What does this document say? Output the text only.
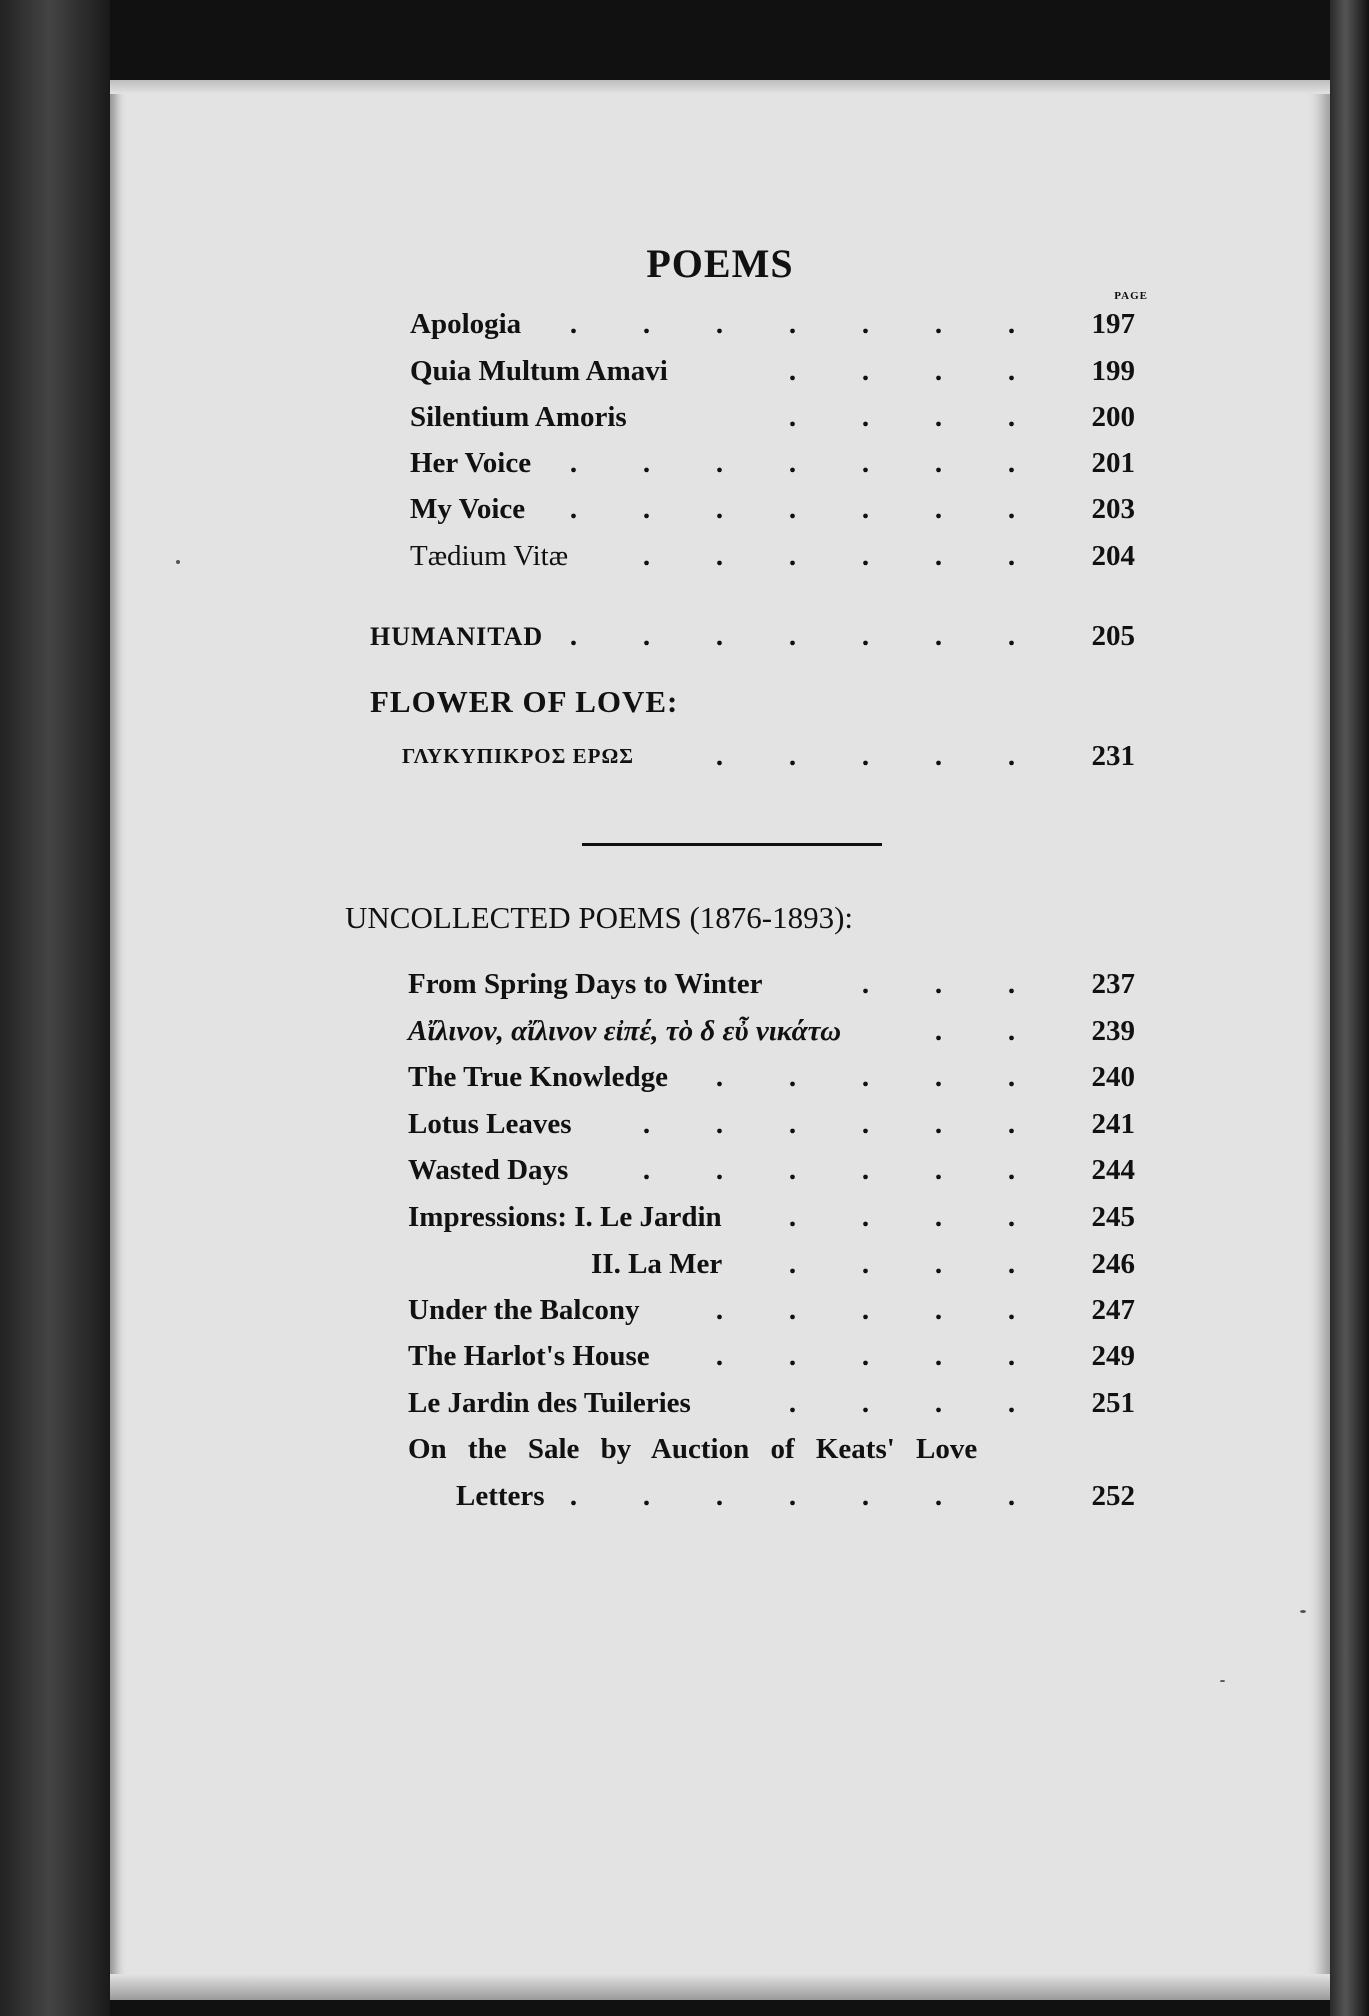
POEMS
PAGE
Apologia	. . . . . . .	197
Quia Multum Amavi	. . . .	199
Silentium Amoris	. . . .	200
Her Voice	. . . . . . .	201
My Voice	. . . . . . .	203
Tædium Vitæ	. . . . . .	204
HUMANITAD . . . . . . .	205
FLOWER OF LOVE:
ΓΛΥΚΥΠΙΚΡΟΣ ΕΡΩΣ	. . . . .	231
UNCOLLECTED POEMS (1876-1893):
From Spring Days to Winter	. . .	237
Αἴλινον, αἴλινον εἰπέ, τὸ δ εὖ νικάτω	. .	239
The True Knowledge	. . . . .	240
Lotus Leaves	. . . . . .	241
Wasted Days	. . . . . .	244
Impressions: I. Le Jardin	. . . .	245
II. La Mer	. . . .	246
Under the Balcony	. . . . .	247
The Harlot's House	. . . . .	249
Le Jardin des Tuileries	. . . .	251
On the Sale by Auction of Keats' Love
Letters . . . . . . .	252
